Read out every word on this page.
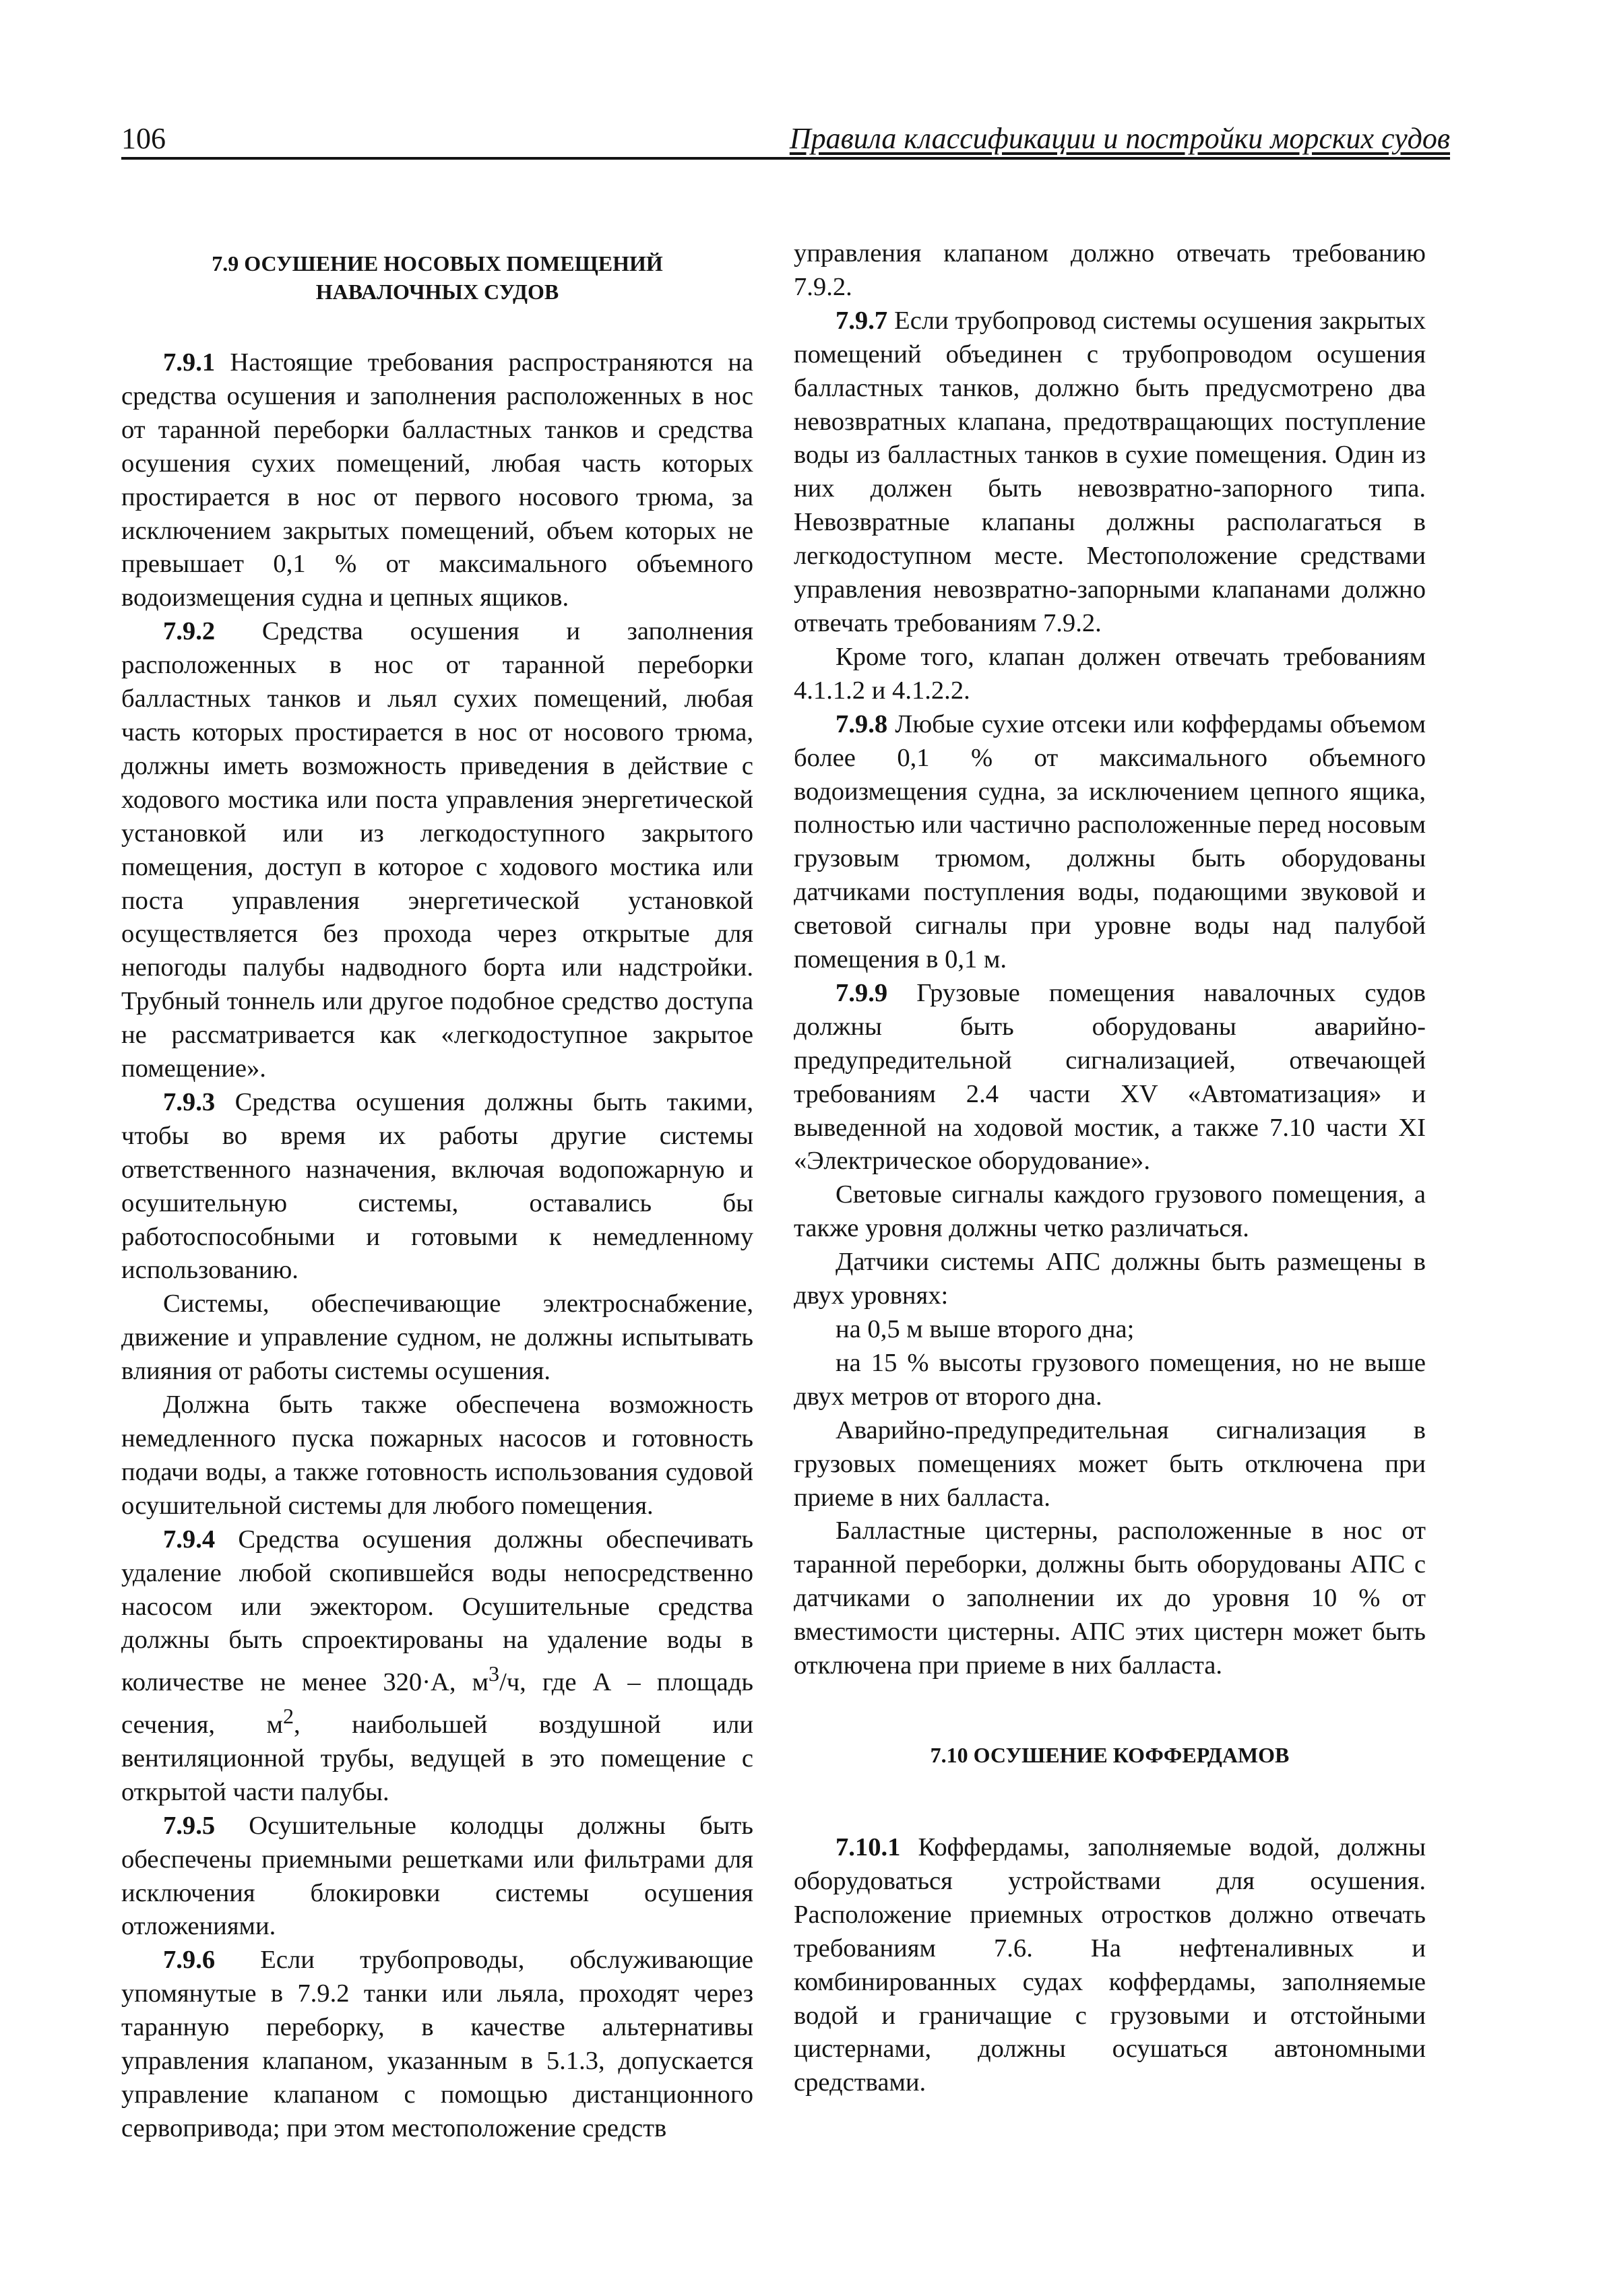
106	Правила классификации и постройки морских судов
7.9 ОСУШЕНИЕ НОСОВЫХ ПОМЕЩЕНИЙ НАВАЛОЧНЫХ СУДОВ

7.9.1 Настоящие требования распространяются на средства осушения и заполнения расположенных в нос от таранной переборки балластных танков и средства осушения сухих помещений, любая часть которых простирается в нос от первого носового трюма, за исключением закрытых помещений, объем которых не превышает 0,1 % от максимального объемного водоизмещения судна и цепных ящиков.

7.9.2 Средства осушения и заполнения расположенных в нос от таранной переборки балластных танков и льял сухих помещений, любая часть которых простирается в нос от носового трюма, должны иметь возможность приведения в действие с ходового мостика или поста управления энергетической установкой или из легкодоступного закрытого помещения, доступ в которое с ходового мостика или поста управления энергетической установкой осуществляется без прохода через открытые для непогоды палубы надводного борта или надстройки. Трубный тоннель или другое подобное средство доступа не рассматривается как «легкодоступное закрытое помещение».

7.9.3 Средства осушения должны быть такими, чтобы во время их работы другие системы ответственного назначения, включая водопожарную и осушительную системы, оставались бы работоспособными и готовыми к немедленному использованию.

Системы, обеспечивающие электроснабжение, движение и управление судном, не должны испытывать влияния от работы системы осушения.

Должна быть также обеспечена возможность немедленного пуска пожарных насосов и готовность подачи воды, а также готовность использования судовой осушительной системы для любого помещения.

7.9.4 Средства осушения должны обеспечивать удаление любой скопившейся воды непосредственно насосом или эжектором. Осушительные средства должны быть спроектированы на удаление воды в количестве не менее 320·А, $м^3/ч$, где А – площадь сечения, $м^2$, наибольшей воздушной или вентиляционной трубы, ведущей в это помещение с открытой части палубы.

7.9.5 Осушительные колодцы должны быть обеспечены приемными решетками или фильтрами для исключения блокировки системы осушения отложениями.

7.9.6 Если трубопроводы, обслуживающие упомянутые в 7.9.2 танки или льяла, проходят через таранную переборку, в качестве альтернативы управления клапаном, указанным в 5.1.3, допускается управление клапаном с помощью дистанционного сервопривода; при этом местоположение средств

управления клапаном должно отвечать требованию 7.9.2.

7.9.7 Если трубопровод системы осушения закрытых помещений объединен с трубопроводом осушения балластных танков, должно быть предусмотрено два невозвратных клапана, предотвращающих поступление воды из балластных танков в сухие помещения. Один из них должен быть невозвратно-запорного типа. Невозвратные клапаны должны располагаться в легкодоступном месте. Местоположение средствами управления невозвратно-запорными клапанами должно отвечать требованиям 7.9.2.

Кроме того, клапан должен отвечать требованиям 4.1.1.2 и 4.1.2.2.

7.9.8 Любые сухие отсеки или коффердамы объемом более 0,1 % от максимального объемного водоизмещения судна, за исключением цепного ящика, полностью или частично расположенные перед носовым грузовым трюмом, должны быть оборудованы датчиками поступления воды, подающими звуковой и световой сигналы при уровне воды над палубой помещения в 0,1 м.

7.9.9 Грузовые помещения навалочных судов должны быть оборудованы аварийно-предупредительной сигнализацией, отвечающей требованиям 2.4 части XV «Автоматизация» и выведенной на ходовой мостик, а также 7.10 части XI «Электрическое оборудование».

Световые сигналы каждого грузового помещения, а также уровня должны четко различаться.

Датчики системы АПС должны быть размещены в двух уровнях:

на 0,5 м выше второго дна;

на 15 % высоты грузового помещения, но не выше двух метров от второго дна.

Аварийно-предупредительная сигнализация в грузовых помещениях может быть отключена при приеме в них балласта.

Балластные цистерны, расположенные в нос от таранной переборки, должны быть оборудованы АПС с датчиками о заполнении их до уровня 10 % от вместимости цистерны. АПС этих цистерн может быть отключена при приеме в них балласта.

7.10 ОСУШЕНИЕ КОФФЕРДАМОВ

7.10.1 Коффердамы, заполняемые водой, должны оборудоваться устройствами для осушения. Расположение приемных отростков должно отвечать требованиям 7.6. На нефтеналивных и комбинированных судах коффердамы, заполняемые водой и граничащие с грузовыми и отстойными цистернами, должны осушаться автономными средствами.
